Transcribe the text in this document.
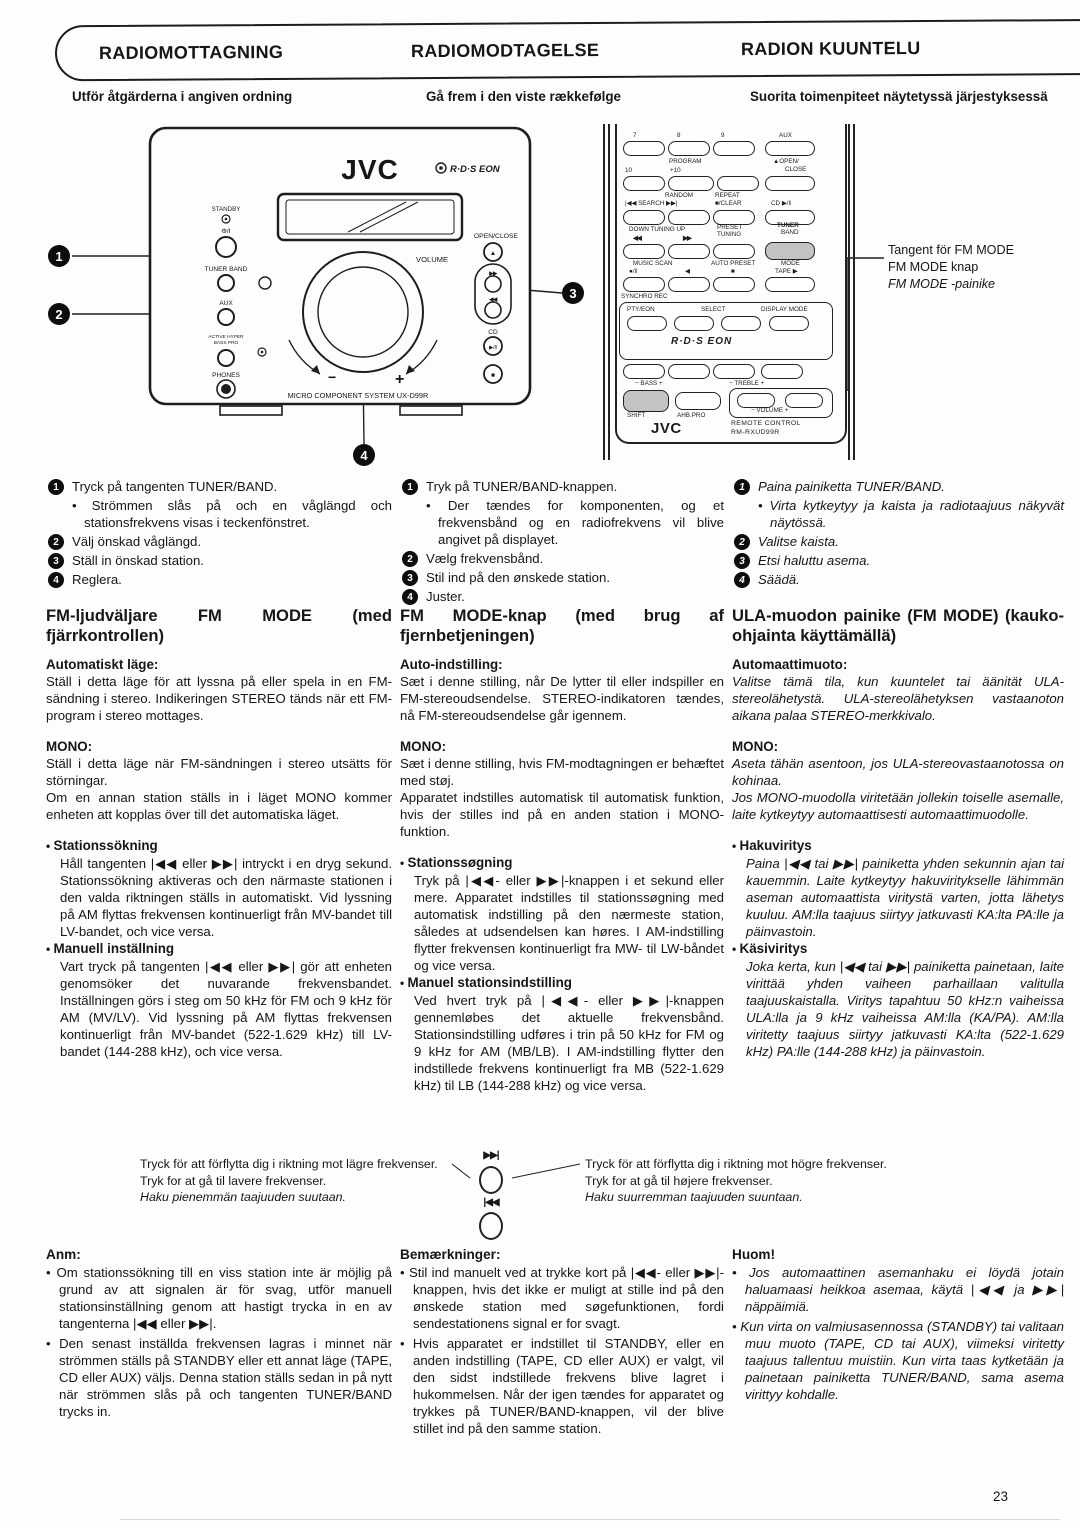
RADIOMOTTAGNING	RADIOMODTAGELSE	RADION KUUNTELU
Utför åtgärderna i angiven ordning	Gå frem i den viste rækkefølge	Suorita toimenpiteet näytetyssä järjestyksessä
JVC	R·D·S EON
STANDBY
Φ/I
TUNER BAND
AUX
ACTIVE HYPER
BASS PRO
PHONES
VOLUME
−	+
OPEN/CLOSE
▲
▶▶
◀◀
CD
▶/‖
■
MICRO COMPONENT SYSTEM UX-D99R
7	8	9	AUX
PROGRAM	▲OPEN/
10	+10	CLOSE
RANDOM	REPEAT
|◀◀ SEARCH ▶▶|	■/CLEAR	CD ▶/‖
DOWN TUNING UP	PRESET
TUNING
TUNER
BAND
◀◀	▶▶
MUSIC SCAN	AUTO PRESET	MODE
●/‖	◀	■	TAPE ▶
SYNCHRO REC
PTY/EON	SELECT	DISPLAY MODE
R·D·S EON
− BASS +	− TREBLE +
SHIFT	AHB.PRO
− VOLUME +
JVC	REMOTE CONTROL
RM-RXUD99R
1
2
3
4
Tangent för FM MODE
FM MODE knap
FM MODE -painike
1	Tryck på tangenten TUNER/BAND.
• Strömmen slås på och en våglängd och stationsfrekvens visas i teckenfönstret.
2	Välj önskad våglängd.
3	Ställ in önskad station.
4	Reglera.
1	Tryk på TUNER/BAND-knappen.
• Der tændes for komponenten, og et frekvensbånd og en radiofrekvens vil blive angivet på displayet.
2	Vælg frekvensbånd.
3	Stil ind på den ønskede station.
4	Juster.
1	Paina painiketta TUNER/BAND.
• Virta kytkeytyy ja kaista ja radiotaajuus näkyvät näytössä.
2	Valitse kaista.
3	Etsi haluttu asema.
4	Säädä.
FM-ljudväljare FM MODE (med fjärrkontrollen)
Automatiskt läge:

Ställ i detta läge för att lyssna på eller spela in en FM-sändning i stereo. Indikeringen STEREO tänds när ett FM-program i stereo mottages.

MONO:

Ställ i detta läge när FM-sändningen i stereo utsätts för störningar.

Om en annan station ställs in i läget MONO kommer enheten att kopplas över till det automatiska läget.

• Stationssökning

Håll tangenten |◀◀ eller ▶▶| intryckt i en dryg sekund. Stationssökning aktiveras och den närmaste stationen i den valda riktningen ställs in automatiskt. Vid lyssning på AM flyttas frekvensen kontinuerligt från MV-bandet till LV-bandet, och vice versa.

• Manuell inställning

Vart tryck på tangenten |◀◀ eller ▶▶| gör att enheten genomsöker det nuvarande frekvensbandet. Inställningen görs i steg om 50 kHz för FM och 9 kHz för AM (MV/LV). Vid lyssning på AM flyttas frekvensen kontinuerligt från MV-bandet (522-1.629 kHz) till LV-bandet (144-288 kHz), och vice versa.

FM MODE-knap (med brug af fjernbetjeningen)
Auto-indstilling:

Sæt i denne stilling, når De lytter til eller indspiller en FM-stereoudsendelse. STEREO-indikatoren tændes, nå FM-stereoudsendelse går igennem.

MONO:

Sæt i denne stilling, hvis FM-modtagningen er behæftet med støj.

Apparatet indstilles automatisk til automatisk funktion, hvis der stilles ind på en anden station i MONO-funktion.

• Stationssøgning

Tryk på |◀◀- eller ▶▶|-knappen i et sekund eller mere. Apparatet indstilles til stationssøgning med automatisk indstilling på den nærmeste station, således at udsendelsen kan høres. I AM-indstilling flytter frekvensen kontinuerligt fra MW- til LW-båndet og vice versa.

• Manuel stationsindstilling

Ved hvert tryk på |◀◀- eller ▶▶|-knappen gennemløbes det aktuelle frekvensbånd. Stationsindstilling udføres i trin på 50 kHz for FM og 9 kHz for AM (MB/LB). I AM-indstilling flytter den indstillede frekvens kontinuerligt fra MB (522-1.629 kHz) til LB (144-288 kHz) og vice versa.

ULA-muodon painike (FM MODE) (kauko-ohjainta käyttämällä)
Automaattimuoto:

Valitse tämä tila, kun kuuntelet tai äänität ULA-stereolähetystä. ULA-stereolähetyksen vastaanoton aikana palaa STEREO-merkkivalo.

MONO:

Aseta tähän asentoon, jos ULA-stereovastaanotossa on kohinaa.

Jos MONO-muodolla viritetään jollekin toiselle asemalle, laite kytkeytyy automaattisesti automaattimuodolle.

• Hakuviritys

Paina |◀◀ tai ▶▶| painiketta yhden sekunnin ajan tai kauemmin. Laite kytkeytyy hakuviritykselle lähimmän aseman automaattista viritystä varten, jotta lähetys kuuluu. AM:lla taajuus siirtyy jatkuvasti KA:lta PA:lle ja päinvastoin.

• Käsiviritys

Joka kerta, kun |◀◀ tai ▶▶| painiketta painetaan, laite virittää yhden vaiheen parhaillaan valitulla taajuuskaistalla. Viritys tapahtuu 50 kHz:n vaiheissa ULA:lla ja 9 kHz vaiheissa AM:lla (KA/PA). AM:lla viritetty taajuus siirtyy jatkuvasti KA:lta (522-1.629 kHz) PA:lle (144-288 kHz) ja päinvastoin.

Tryck för att förflytta dig i riktning mot lägre frekvenser.
Tryk for at gå til lavere frekvenser.
Haku pienemmän taajuuden suutaan.
▶▶|
|◀◀
Tryck för att förflytta dig i riktning mot högre frekvenser.
Tryk for at gå til højere frekvenser.
Haku suurremman taajuuden suuntaan.
Anm:
• Om stationssökning till en viss station inte är möjlig på grund av att signalen är för svag, utför manuell stationsinställning genom att hastigt trycka in en av tangenterna |◀◀ eller ▶▶|.
• Den senast inställda frekvensen lagras i minnet när strömmen ställs på STANDBY eller ett annat läge (TAPE, CD eller AUX) väljs. Denna station ställs sedan in på nytt när strömmen slås på och tangenten TUNER/BAND trycks in.
Bemærkninger:
• Stil ind manuelt ved at trykke kort på |◀◀- eller ▶▶|-knappen, hvis det ikke er muligt at stille ind på den ønskede station med søgefunktionen, fordi sendestationens signal er for svagt.
• Hvis apparatet er indstillet til STANDBY, eller en anden indstilling (TAPE, CD eller AUX) er valgt, vil den sidst indstillede frekvens blive lagret i hukommelsen. Når der igen tændes for apparatet og trykkes på TUNER/BAND-knappen, vil der blive stillet ind på den samme station.
Huom!
• Jos automaattinen asemanhaku ei löydä jotain haluamaasi heikkoa asemaa, käytä |◀◀ ja ▶▶| näppäimiä.
• Kun virta on valmiusasennossa (STANDBY) tai valitaan muu muoto (TAPE, CD tai AUX), viimeksi viritetty taajuus tallentuu muistiin. Kun virta taas kytketään ja painetaan painiketta TUNER/BAND, sama asema virittyy kohdalle.
23
